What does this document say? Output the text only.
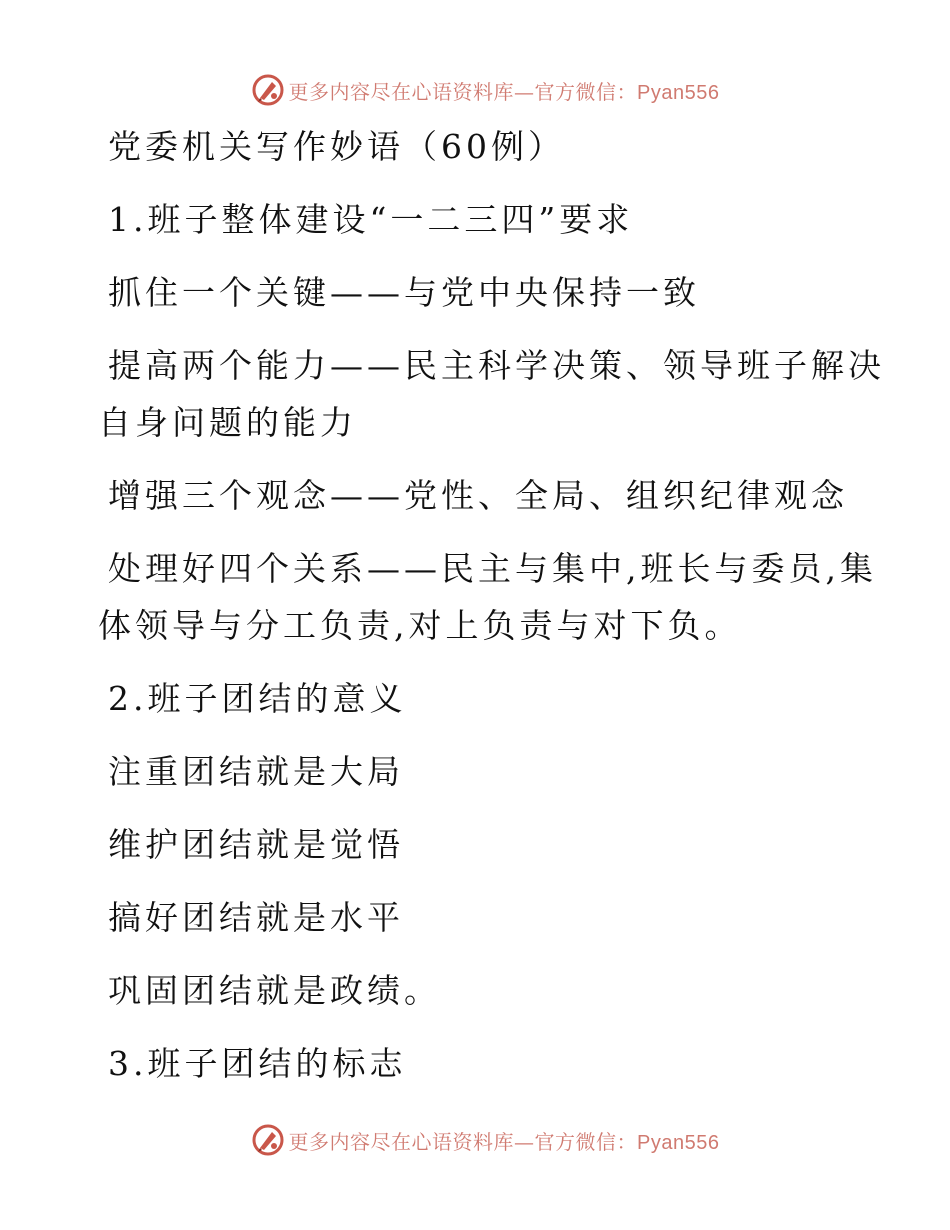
更多内容尽在心语资料库—官方微信：Pyan556

党委机关写作妙语（60例）

1.班子整体建设“一二三四”要求

抓住一个关键——与党中央保持一致

提高两个能力——民主科学决策、领导班子解决

自身问题的能力

增强三个观念——党性、全局、组织纪律观念

处理好四个关系——民主与集中,班长与委员,集

体领导与分工负责,对上负责与对下负。

2.班子团结的意义

注重团结就是大局

维护团结就是觉悟

搞好团结就是水平

巩固团结就是政绩。

3.班子团结的标志

更多内容尽在心语资料库—官方微信：Pyan556
